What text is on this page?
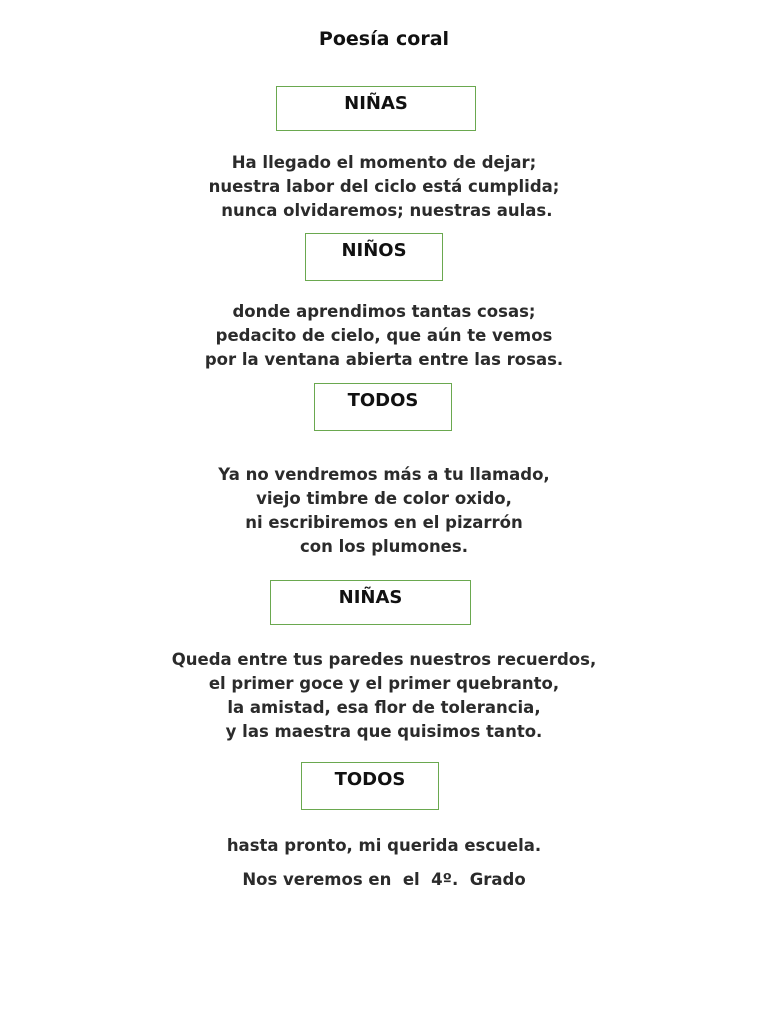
Poesía coral
NIÑAS
Ha llegado el momento de dejar;
nuestra labor del ciclo está cumplida;
nunca olvidaremos; nuestras aulas.
NIÑOS
donde aprendimos tantas cosas;
pedacito de cielo, que aún te vemos
por la ventana abierta entre las rosas.
TODOS
Ya no vendremos más a tu llamado,
viejo timbre de color oxido,
ni escribiremos en el pizarrón
con los plumones.
NIÑAS
Queda entre tus paredes nuestros recuerdos,
el primer goce y el primer quebranto,
la amistad, esa flor de tolerancia,
y las maestra que quisimos tanto.
TODOS
hasta pronto, mi querida escuela.
Nos veremos en  el  4º.  Grado
